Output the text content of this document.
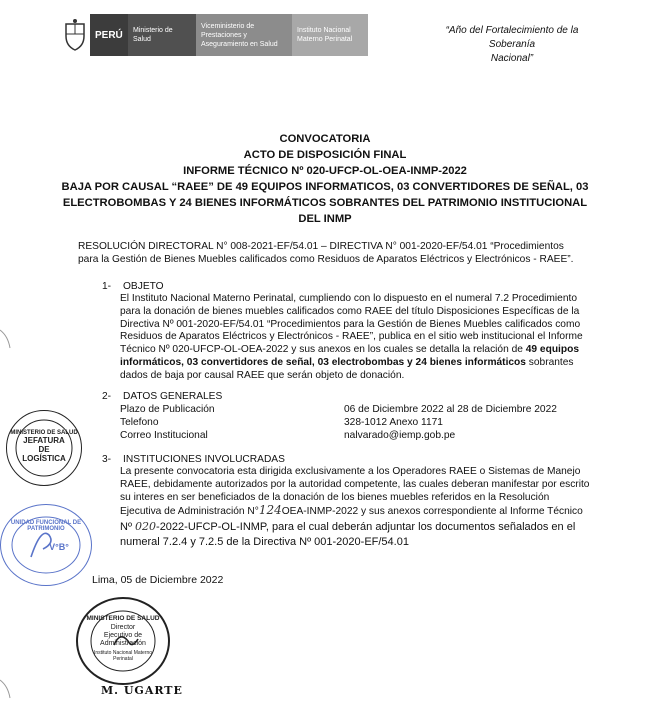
PERÚ	Ministerio de Salud
Viceministerio de Prestaciones y Aseguramiento en Salud
Instituto Nacional Materno Perinatal
“Año del Fortalecimiento de la Soberanía
Nacional”
CONVOCATORIA
ACTO DE DISPOSICIÓN FINAL
INFORME TÉCNICO Nº 020-UFCP-OL-OEA-INMP-2022
BAJA POR CAUSAL “RAEE” DE 49 EQUIPOS INFORMATICOS, 03 CONVERTIDORES DE SEÑAL, 03
ELECTROBOMBAS Y 24 BIENES INFORMÁTICOS SOBRANTES DEL PATRIMONIO INSTITUCIONAL
DEL INMP
RESOLUCIÓN DIRECTORAL N° 008-2021-EF/54.01 – DIRECTIVA N° 001-2020-EF/54.01 “Procedimientos
para la Gestión de Bienes Muebles calificados como Residuos de Aparatos Eléctricos y Electrónicos - RAEE”.
1- OBJETO
El Instituto Nacional Materno Perinatal, cumpliendo con lo dispuesto en el numeral 7.2 Procedimiento
para la donación de bienes muebles calificados como RAEE del título Disposiciones Específicas de la
Directiva Nº 001-2020-EF/54.01 “Procedimientos para la Gestión de Bienes Muebles calificados como
Residuos de Aparatos Eléctricos y Electrónicos - RAEE”, publica en el sitio web institucional el Informe
Técnico Nº 020-UFCP-OL-OEA-2022 y sus anexos en los cuales se detalla la relación de 49 equipos
informáticos, 03 convertidores de señal, 03 electrobombas y 24 bienes informáticos sobrantes
dados de baja por causal RAEE que serán objeto de donación.
2- DATOS GENERALES
Plazo de Publicación	06 de Diciembre 2022 al 28 de Diciembre 2022
Telefono	328-1012 Anexo 1171
Correo Institucional	nalvarado@iemp.gob.pe
3- INSTITUCIONES INVOLUCRADAS
La presente convocatoria esta dirigida exclusivamente a los Operadores RAEE o Sistemas de Manejo
RAEE, debidamente autorizados por la autoridad competente, las cuales deberan manifestar por escrito
su interes en ser beneficiados de la donación de los bienes muebles referidos en la Resolución
Ejecutiva de Administración N°124OEA-INMP-2022 y sus anexos correspondiente al Informe Técnico
Nº 020-2022-UFCP-OL-INMP, para el cual deberán adjuntar los documentos señalados en el
numeral 7.2.4 y 7.2.5 de la Directiva Nº 001-2020-EF/54.01
Lima, 05 de Diciembre 2022
MINISTERIO DE SALUD
JEFATURA DE LOGÍSTICA
UNIDAD FUNCIONAL DE PATRIMONIO
V°B°
MINISTERIO DE SALUD
Director Ejecutivo de Administración
Instituto Nacional Materno Perinatal
M. UGARTE
